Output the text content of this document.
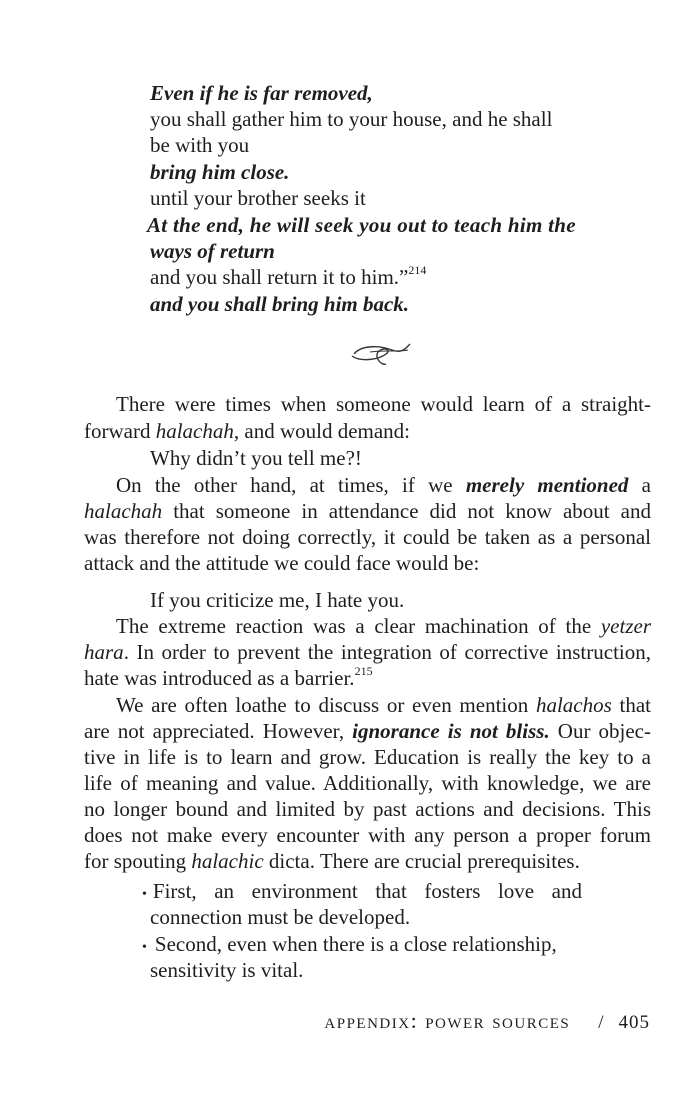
Even if he is far removed,
you shall gather him to your house, and he shall
be with you
bring him close.
until your brother seeks it
At the end, he will seek you out to teach him the
ways of return
and you shall return it to him.”$^{214}$
and you shall bring him back.
There were times when someone would learn of a straight-
forward halachah, and would demand:
Why didn’t you tell me?!
On the other hand, at times, if we merely mentioned a
halachah that someone in attendance did not know about and
was therefore not doing correctly, it could be taken as a personal
attack and the attitude we could face would be:
If you criticize me, I hate you.
The extreme reaction was a clear machination of the yetzer
hara. In order to prevent the integration of corrective instruction,
hate was introduced as a barrier.$^{215}$
We are often loathe to discuss or even mention halachos that
are not appreciated. However, ignorance is not bliss. Our objec-
tive in life is to learn and grow. Education is really the key to a
life of meaning and value. Additionally, with knowledge, we are
no longer bound and limited by past actions and decisions. This
does not make every encounter with any person a proper forum
for spouting halachic dicta. There are crucial prerequisites.
• First, an environment that fosters love and
connection must be developed.
• Second, even when there is a close relationship,
sensitivity is vital.
appendix: power sources / 405
